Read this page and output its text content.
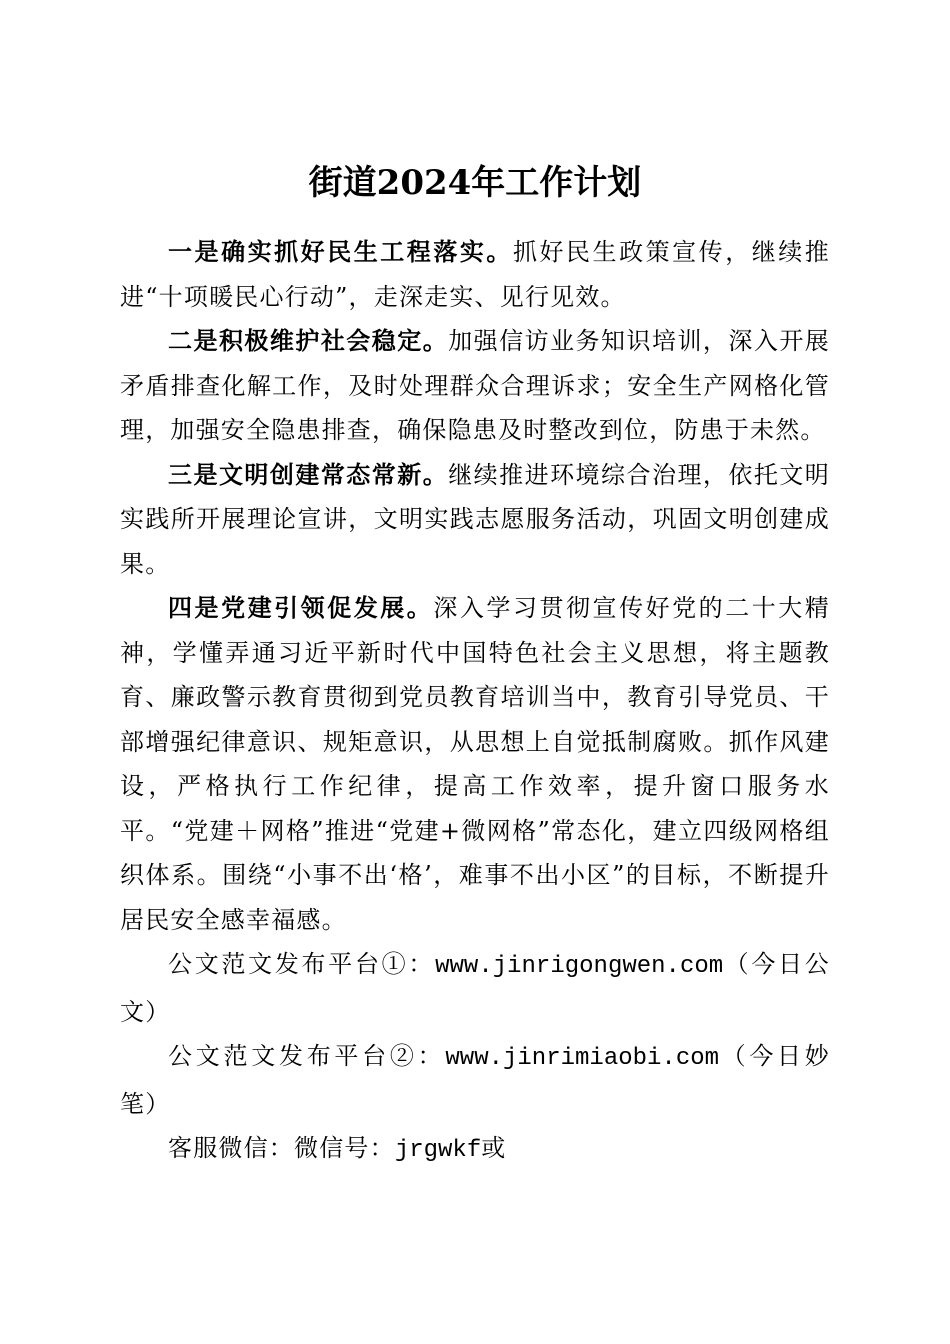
街道2024年工作计划

一是确实抓好民生工程落实。抓好民生政策宣传，继续推进“十项暖民心行动”，走深走实、见行见效。

二是积极维护社会稳定。加强信访业务知识培训，深入开展矛盾排查化解工作，及时处理群众合理诉求；安全生产网格化管理，加强安全隐患排查，确保隐患及时整改到位，防患于未然。

三是文明创建常态常新。继续推进环境综合治理，依托文明实践所开展理论宣讲，文明实践志愿服务活动，巩固文明创建成果。

四是党建引领促发展。深入学习贯彻宣传好党的二十大精神，学懂弄通习近平新时代中国特色社会主义思想，将主题教育、廉政警示教育贯彻到党员教育培训当中，教育引导党员、干部增强纪律意识、规矩意识，从思想上自觉抵制腐败。抓作风建设，严格执行工作纪律，提高工作效率，提升窗口服务水平。“党建＋网格”推进“党建+微网格”常态化，建立四级网格组织体系。围绕“小事不出‘格’，难事不出小区”的目标，不断提升居民安全感幸福感。

公文范文发布平台①：www.jinrigongwen.com（今日公文）

公文范文发布平台②：www.jinrimiaobi.com（今日妙笔）

客服微信：微信号：jrgwkf或
